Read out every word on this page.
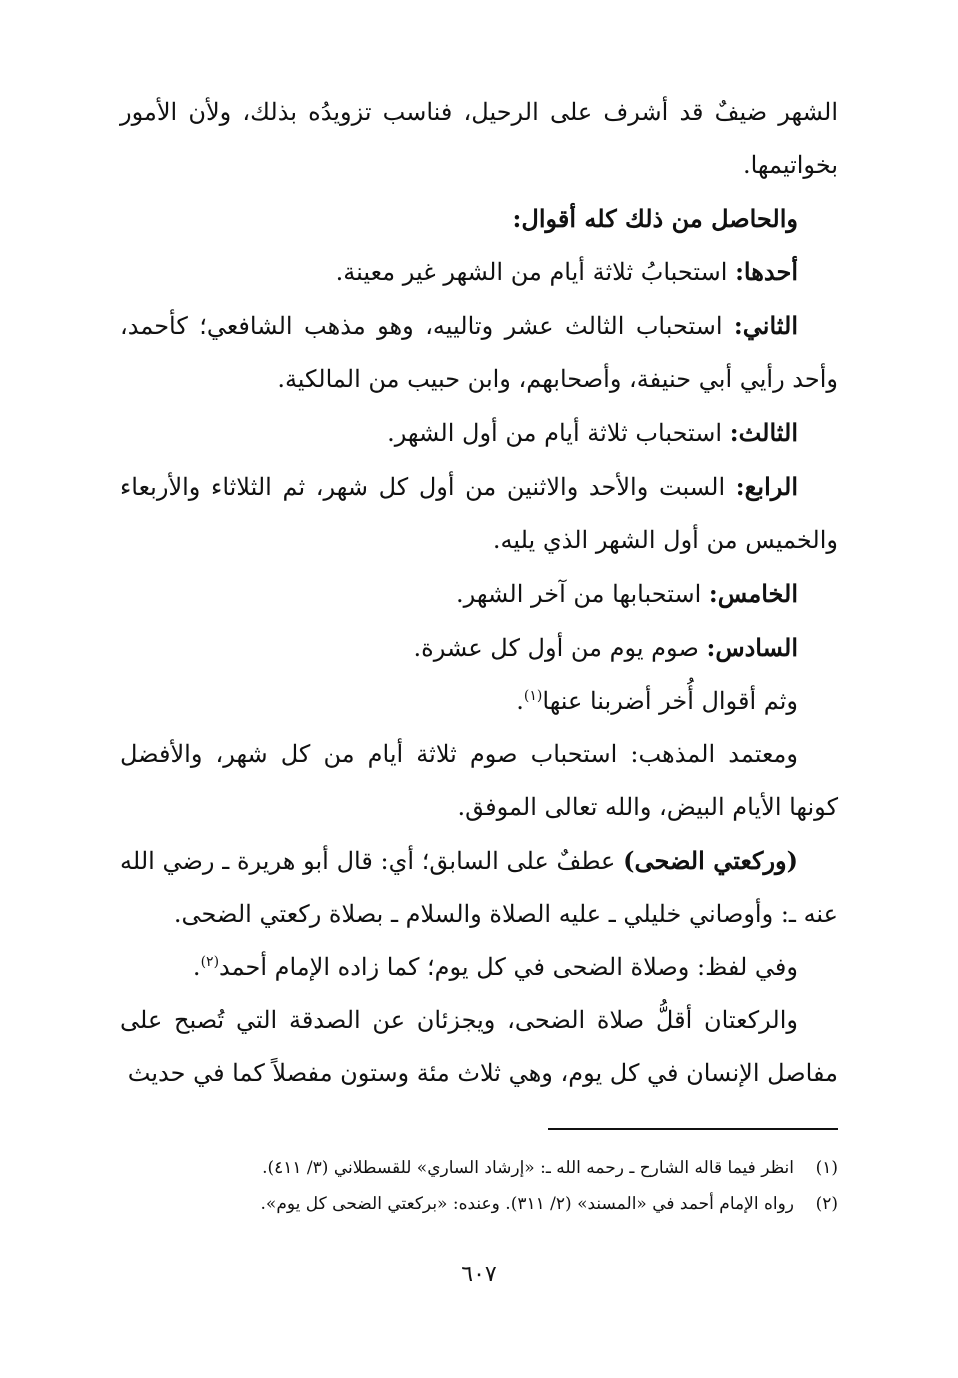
الشهر ضيفٌ قد أشرف على الرحيل، فناسب تزويدُه بذلك، ولأن الأمور بخواتيمها.

والحاصل من ذلك كله أقوال:

أحدها: استحبابُ ثلاثة أيام من الشهر غير معينة.

الثاني: استحباب الثالث عشر وتالييه، وهو مذهب الشافعي؛ كأحمد، وأحد رأيي أبي حنيفة، وأصحابهم، وابن حبيب من المالكية.

الثالث: استحباب ثلاثة أيام من أول الشهر.

الرابع: السبت والأحد والاثنين من أول كل شهر، ثم الثلاثاء والأربعاء والخميس من أول الشهر الذي يليه.

الخامس: استحبابها من آخر الشهر.

السادس: صوم يوم من أول كل عشرة.

وثم أقوال أُخر أضربنا عنها$^{(١)}$.

ومعتمد المذهب: استحباب صوم ثلاثة أيام من كل شهر، والأفضل كونها الأيام البيض، والله تعالى الموفق.

(وركعتي الضحى) عطفٌ على السابق؛ أي: قال أبو هريرة ـ رضي الله عنه ـ: وأوصاني خليلي ـ عليه الصلاة والسلام ـ بصلاة ركعتي الضحى.

وفي لفظ: وصلاة الضحى في كل يوم؛ كما زاده الإمام أحمد$^{(٢)}$.

والركعتان أقلُّ صلاة الضحى، ويجزئان عن الصدقة التي تُصبح على مفاصل الإنسان في كل يوم، وهي ثلاث مئة وستون مفصلاً كما في حديث

(١)انظر فيما قاله الشارح ـ رحمه الله ـ: «إرشاد الساري» للقسطلاني (٣/ ٤١١).

(٢)رواه الإمام أحمد في «المسند» (٢/ ٣١١). وعنده: «بركعتي الضحى كل يوم».

٦٠٧
